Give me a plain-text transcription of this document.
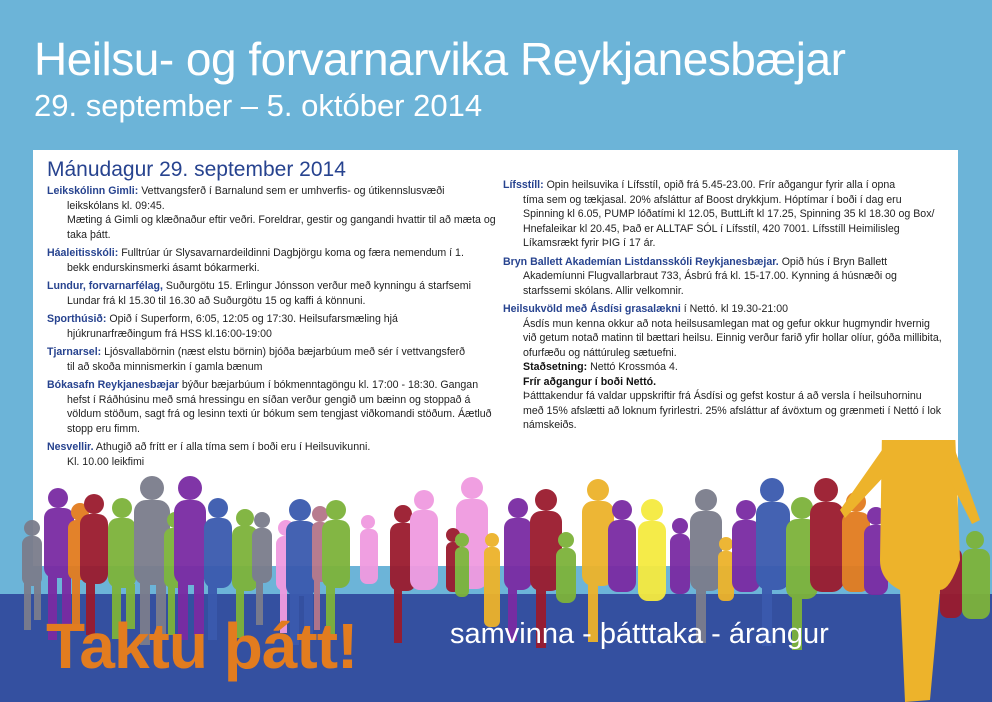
Heilsu- og forvarnarvika Reykjanesbæjar
29. september – 5. október 2014
Mánudagur 29. september 2014
Leikskólinn Gimli: Vettvangsferð í Barnalund sem er umhverfis- og útikennslusvæði
leikskólans kl. 09:45.
Mæting á Gimli og klæðnaður eftir veðri. Foreldrar, gestir og gangandi hvattir til að mæta og taka þátt.
Háaleitisskóli: Fulltrúar úr Slysavarnardeildinni Dagbjörgu koma og færa nemendum í 1.
bekk endurskinsmerki ásamt bókarmerki.
Lundur, forvarnarfélag, Suðurgötu 15. Erlingur Jónsson verður með kynningu á starfsemi
Lundar frá kl 15.30 til 16.30 að Suðurgötu 15 og kaffi á könnuni.
Sporthúsið: Opið í Superform, 6:05, 12:05 og 17:30. Heilsufarsmæling hjá
hjúkrunarfræðingum frá HSS kl.16:00-19:00
Tjarnarsel: Ljósvallabörnin (næst elstu börnin) bjóða bæjarbúum með sér í vettvangsferð
til að skoða minnismerkin í gamla bænum
Bókasafn Reykjanesbæjar býður bæjarbúum í bókmenntagöngu kl. 17:00 - 18:30. Gangan
hefst í Ráðhúsinu með smá hressingu en síðan verður gengið um bæinn og stoppað á völdum stöðum, sagt frá og lesinn texti úr bókum sem tengjast viðkomandi stöðum. Áætluð stopp eru fimm.
Nesvellir. Athugið að frítt er í alla tíma sem í boði eru í Heilsuvikunni.
Kl. 10.00 leikfimi
Lífsstíll: Opin heilsuvika í Lífsstíl, opið frá 5.45-23.00. Frír aðgangur fyrir alla í opna
tíma sem og tækjasal. 20% afsláttur af Boost drykkjum. Hóptímar í boði í dag eru Spinning kl 6.05, PUMP lóðatími kl 12.05, ButtLift kl 17.25, Spinning 35 kl 18.30 og Box/ Hnefaleikar kl 20.45, Það er ALLTAF SÓL í Lífsstíl, 420 7001. Lífsstíll Heimilisleg Líkamsrækt fyrir ÞIG í 17 ár.
Bryn Ballett Akademían Listdansskóli Reykjanesbæjar. Opið hús í Bryn Ballett
Akademíunni Flugvallarbraut 733, Ásbrú frá kl. 15-17.00. Kynning á húsnæði og starfssemi skólans. Allir velkomnir.
Heilsukvöld með Ásdísi grasalækni í Nettó. kl 19.30-21:00
Ásdís mun kenna okkur að nota heilsusamlegan mat og gefur okkur hugmyndir hvernig við getum notað matinn til bættari heilsu. Einnig verður farið yfir hollar olíur, góða millibita, ofurfæðu og náttúruleg sætuefni.
Staðsetning: Nettó Krossmóa 4.
Frír aðgangur í boði Nettó.
Þátttakendur fá valdar uppskriftir frá Ásdísi og gefst kostur á að versla í heilsuhorninu með 15% afslætti að loknum fyrirlestri. 25% afsláttur af ávöxtum og grænmeti í Nettó í lok námskeiðs.
Taktu þátt!	samvinna - þátttaka - árangur
